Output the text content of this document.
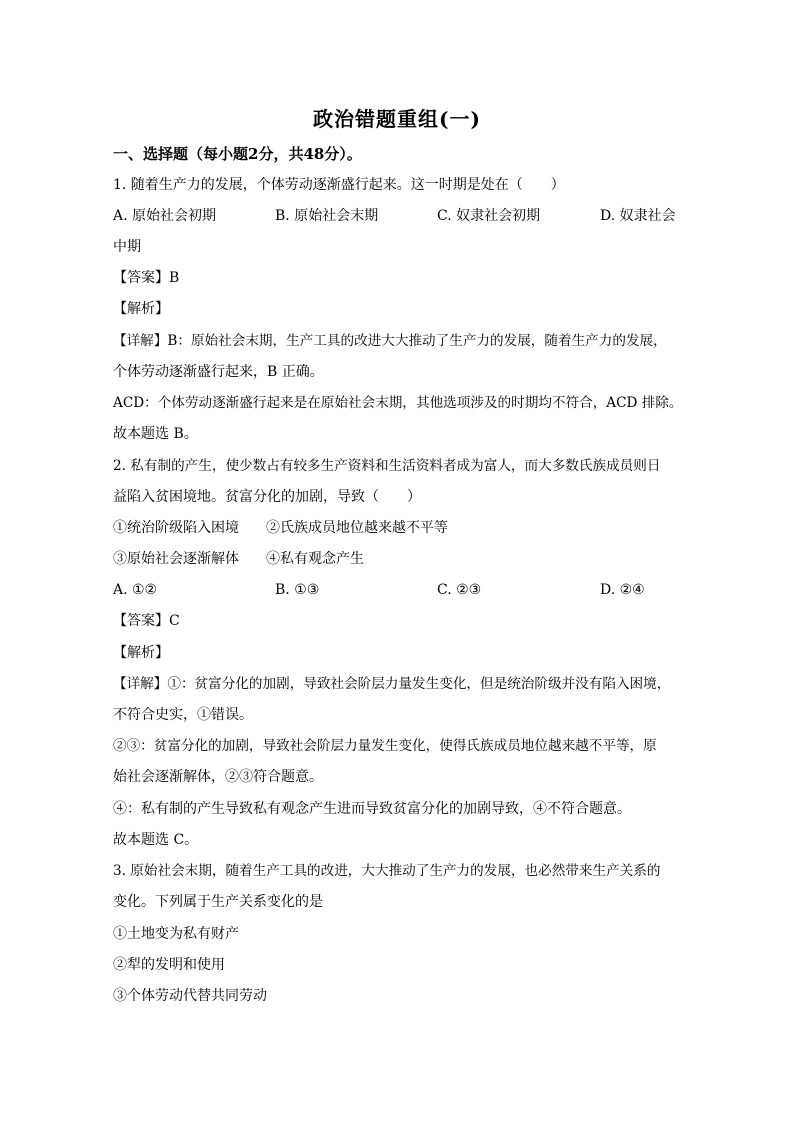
政治错题重组(一)
一、选择题（每小题2分，共48分）。
1. 随着生产力的发展，个体劳动逐渐盛行起来。这一时期是处在（　　）
A. 原始社会初期	B. 原始社会末期	C. 奴隶社会初期	D. 奴隶社会
中期
【答案】B
【解析】
【详解】B：原始社会末期，生产工具的改进大大推动了生产力的发展，随着生产力的发展，
个体劳动逐渐盛行起来，B 正确。
ACD：个体劳动逐渐盛行起来是在原始社会末期，其他选项涉及的时期均不符合，ACD 排除。
故本题选 B。
2. 私有制的产生，使少数占有较多生产资料和生活资料者成为富人，而大多数氏族成员则日
益陷入贫困境地。贫富分化的加剧，导致（　　）
①统治阶级陷入困境 ②氏族成员地位越来越不平等
③原始社会逐渐解体 ④私有观念产生
A. ①②	B. ①③	C. ②③	D. ②④
【答案】C
【解析】
【详解】①：贫富分化的加剧，导致社会阶层力量发生变化，但是统治阶级并没有陷入困境，
不符合史实，①错误。
②③：贫富分化的加剧，导致社会阶层力量发生变化，使得氏族成员地位越来越不平等，原
始社会逐渐解体，②③符合题意。
④：私有制的产生导致私有观念产生进而导致贫富分化的加剧导致，④不符合题意。
故本题选 C。
3. 原始社会末期，随着生产工具的改进，大大推动了生产力的发展，也必然带来生产关系的
变化。下列属于生产关系变化的是
①土地变为私有财产
②犁的发明和使用
③个体劳动代替共同劳动
